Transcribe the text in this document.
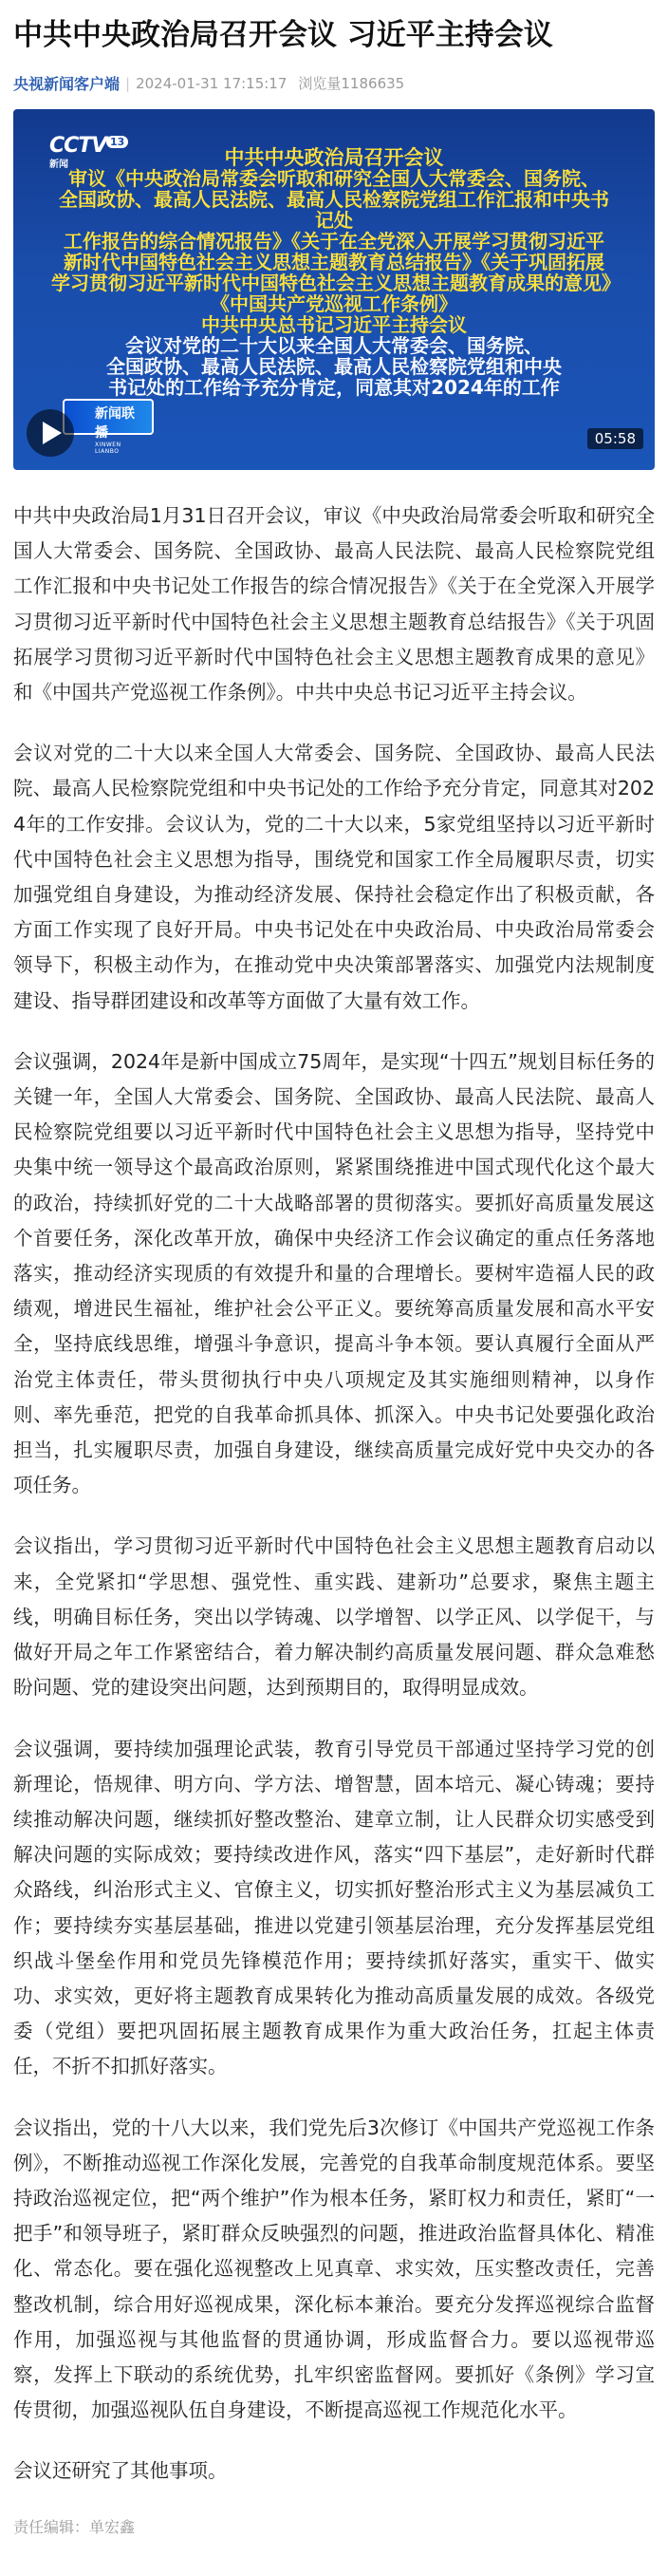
中共中央政治局召开会议 习近平主持会议
央视新闻客户端 | 2024-01-31 17:15:17 浏览量1186635
CCTV 13
新闻	中共中央政治局召开会议
审议《中央政治局常委会听取和研究全国人大常委会、国务院、
全国政协、最高人民法院、最高人民检察院党组工作汇报和中央书记处
工作报告的综合情况报告》《关于在全党深入开展学习贯彻习近平
新时代中国特色社会主义思想主题教育总结报告》《关于巩固拓展
学习贯彻习近平新时代中国特色社会主义思想主题教育成果的意见》
《中国共产党巡视工作条例》
中共中央总书记习近平主持会议
会议对党的二十大以来全国人大常委会、国务院、
全国政协、最高人民法院、最高人民检察院党组和中央
书记处的工作给予充分肯定，同意其对2024年的工作
新闻联播
XINWEN LIANBO
05:58

中共中央政治局1月31日召开会议，审议《中央政治局常委会听取和研究全国人大常委会、国务院、全国政协、最高人民法院、最高人民检察院党组工作汇报和中央书记处工作报告的综合情况报告》《关于在全党深入开展学习贯彻习近平新时代中国特色社会主义思想主题教育总结报告》《关于巩固拓展学习贯彻习近平新时代中国特色社会主义思想主题教育成果的意见》和《中国共产党巡视工作条例》。中共中央总书记习近平主持会议。

会议对党的二十大以来全国人大常委会、国务院、全国政协、最高人民法院、最高人民检察院党组和中央书记处的工作给予充分肯定，同意其对2024年的工作安排。会议认为，党的二十大以来，5家党组坚持以习近平新时代中国特色社会主义思想为指导，围绕党和国家工作全局履职尽责，切实加强党组自身建设，为推动经济发展、保持社会稳定作出了积极贡献，各方面工作实现了良好开局。中央书记处在中央政治局、中央政治局常委会领导下，积极主动作为，在推动党中央决策部署落实、加强党内法规制度建设、指导群团建设和改革等方面做了大量有效工作。

会议强调，2024年是新中国成立75周年，是实现“十四五”规划目标任务的关键一年，全国人大常委会、国务院、全国政协、最高人民法院、最高人民检察院党组要以习近平新时代中国特色社会主义思想为指导，坚持党中央集中统一领导这个最高政治原则，紧紧围绕推进中国式现代化这个最大的政治，持续抓好党的二十大战略部署的贯彻落实。要抓好高质量发展这个首要任务，深化改革开放，确保中央经济工作会议确定的重点任务落地落实，推动经济实现质的有效提升和量的合理增长。要树牢造福人民的政绩观，增进民生福祉，维护社会公平正义。要统筹高质量发展和高水平安全，坚持底线思维，增强斗争意识，提高斗争本领。要认真履行全面从严治党主体责任，带头贯彻执行中央八项规定及其实施细则精神，以身作则、率先垂范，把党的自我革命抓具体、抓深入。中央书记处要强化政治担当，扎实履职尽责，加强自身建设，继续高质量完成好党中央交办的各项任务。

会议指出，学习贯彻习近平新时代中国特色社会主义思想主题教育启动以来，全党紧扣“学思想、强党性、重实践、建新功”总要求，聚焦主题主线，明确目标任务，突出以学铸魂、以学增智、以学正风、以学促干，与做好开局之年工作紧密结合，着力解决制约高质量发展问题、群众急难愁盼问题、党的建设突出问题，达到预期目的，取得明显成效。

会议强调，要持续加强理论武装，教育引导党员干部通过坚持学习党的创新理论，悟规律、明方向、学方法、增智慧，固本培元、凝心铸魂；要持续推动解决问题，继续抓好整改整治、建章立制，让人民群众切实感受到解决问题的实际成效；要持续改进作风，落实“四下基层”，走好新时代群众路线，纠治形式主义、官僚主义，切实抓好整治形式主义为基层减负工作；要持续夯实基层基础，推进以党建引领基层治理，充分发挥基层党组织战斗堡垒作用和党员先锋模范作用；要持续抓好落实，重实干、做实功、求实效，更好将主题教育成果转化为推动高质量发展的成效。各级党委（党组）要把巩固拓展主题教育成果作为重大政治任务，扛起主体责任，不折不扣抓好落实。

会议指出，党的十八大以来，我们党先后3次修订《中国共产党巡视工作条例》，不断推动巡视工作深化发展，完善党的自我革命制度规范体系。要坚持政治巡视定位，把“两个维护”作为根本任务，紧盯权力和责任，紧盯“一把手”和领导班子，紧盯群众反映强烈的问题，推进政治监督具体化、精准化、常态化。要在强化巡视整改上见真章、求实效，压实整改责任，完善整改机制，综合用好巡视成果，深化标本兼治。要充分发挥巡视综合监督作用，加强巡视与其他监督的贯通协调，形成监督合力。要以巡视带巡察，发挥上下联动的系统优势，扎牢织密监督网。要抓好《条例》学习宣传贯彻，加强巡视队伍自身建设，不断提高巡视工作规范化水平。

会议还研究了其他事项。

责任编辑：单宏鑫
